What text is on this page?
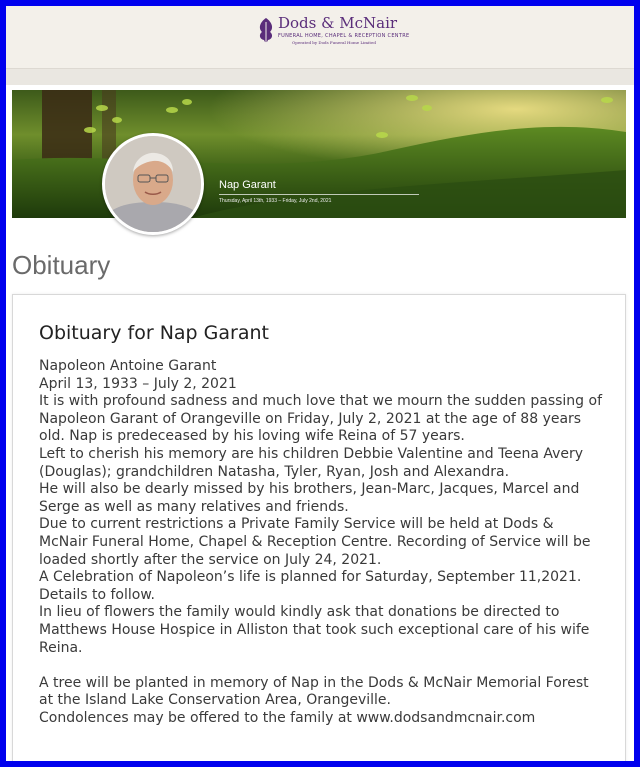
Dods & McNair
FUNERAL HOME, CHAPEL & RECEPTION CENTRE
Operated by Dods Funeral Home Limited
Nap Garant
Thursday, April 13th, 1933 – Friday, July 2nd, 2021
Obituary
Obituary for Nap Garant

Napoleon Antoine Garant

April 13, 1933 – July 2, 2021

It is with profound sadness and much love that we mourn the sudden passing of Napoleon Garant of Orangeville on Friday, July 2, 2021 at the age of 88 years old. Nap is predeceased by his loving wife Reina of 57 years.

Left to cherish his memory are his children Debbie Valentine and Teena Avery (Douglas); grandchildren Natasha, Tyler, Ryan, Josh and Alexandra.

He will also be dearly missed by his brothers, Jean-Marc, Jacques, Marcel and Serge as well as many relatives and friends.

Due to current restrictions a Private Family Service will be held at Dods & McNair Funeral Home, Chapel & Reception Centre. Recording of Service will be loaded shortly after the service on July 24, 2021.

A Celebration of Napoleon’s life is planned for Saturday, September 11,2021. Details to follow.

In lieu of flowers the family would kindly ask that donations be directed to Matthews House Hospice in Alliston that took such exceptional care of his wife Reina.

A tree will be planted in memory of Nap in the Dods & McNair Memorial Forest at the Island Lake Conservation Area, Orangeville.

Condolences may be offered to the family at www.dodsandmcnair.com
